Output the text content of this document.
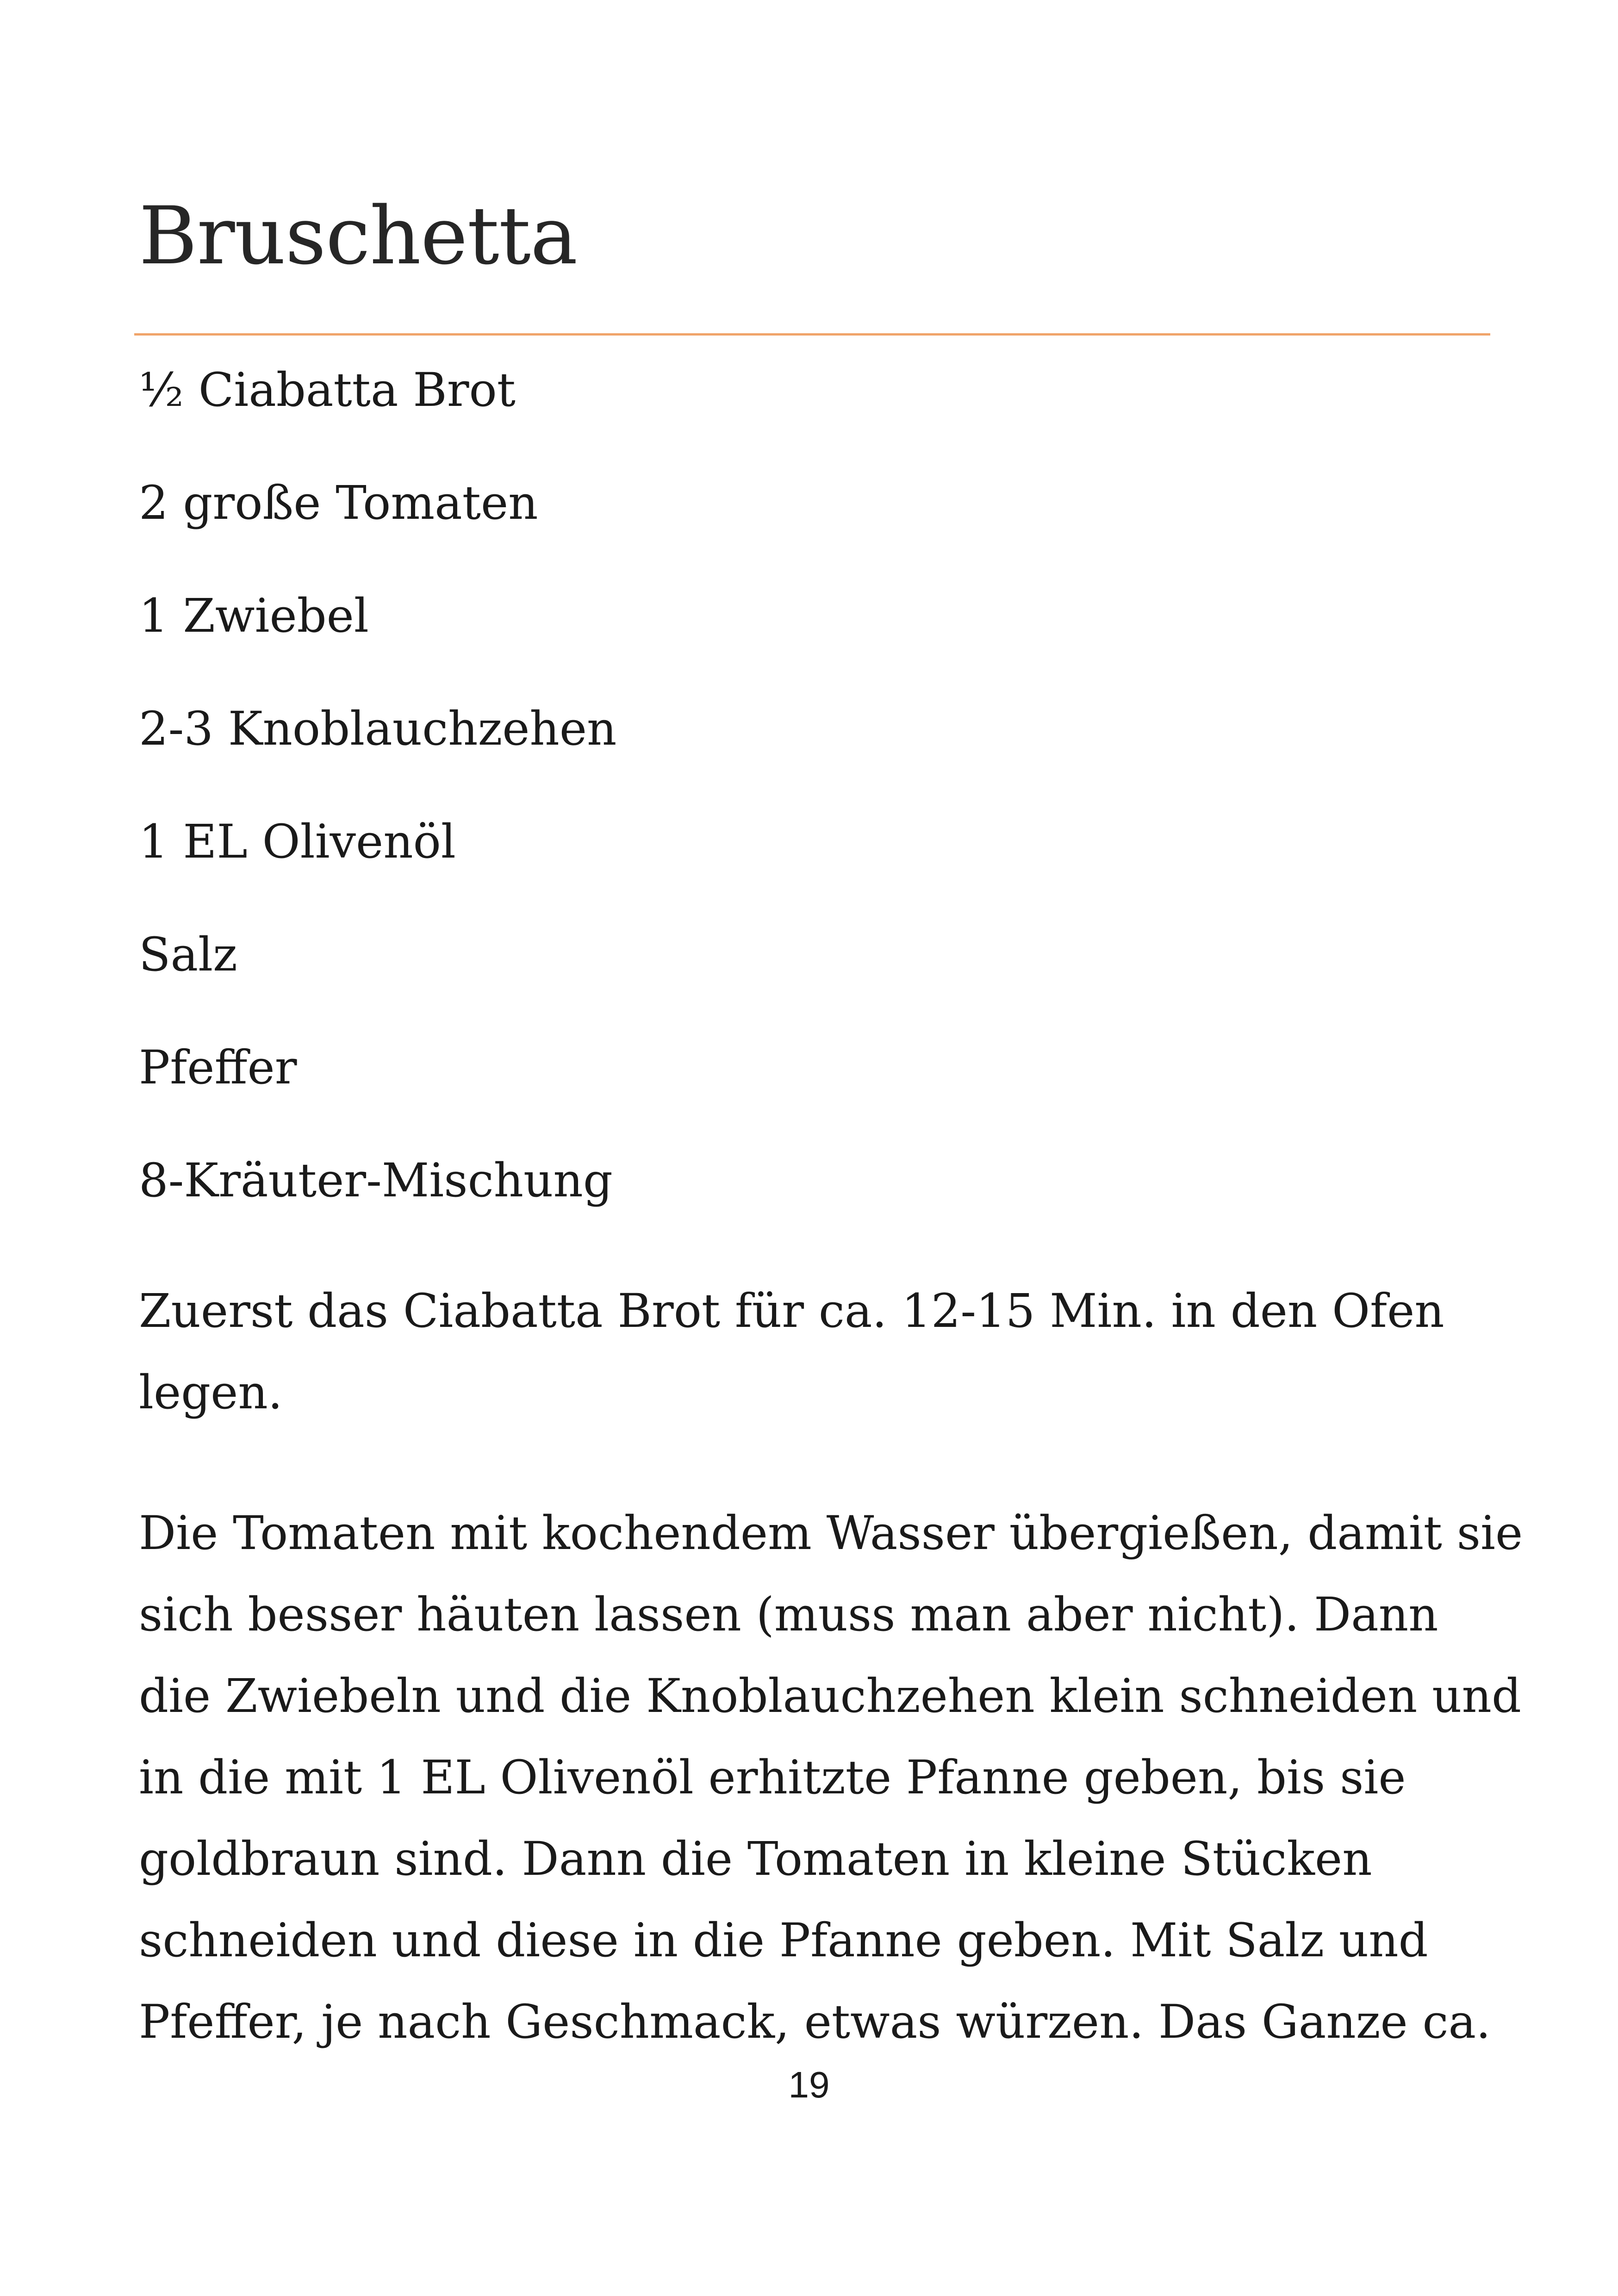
Bruschetta
½ Ciabatta Brot
2 große Tomaten
1 Zwiebel
2-3 Knoblauchzehen
1 EL Olivenöl
Salz
Pfeffer
8-Kräuter-Mischung

Zuerst das Ciabatta Brot für ca. 12-15 Min. in den Ofen
legen.

Die Tomaten mit kochendem Wasser übergießen, damit sie
sich besser häuten lassen (muss man aber nicht). Dann
die Zwiebeln und die Knoblauchzehen klein schneiden und
in die mit 1 EL Olivenöl erhitzte Pfanne geben, bis sie
goldbraun sind. Dann die Tomaten in kleine Stücken
schneiden und diese in die Pfanne geben. Mit Salz und
Pfeffer, je nach Geschmack, etwas würzen. Das Ganze ca.

19
